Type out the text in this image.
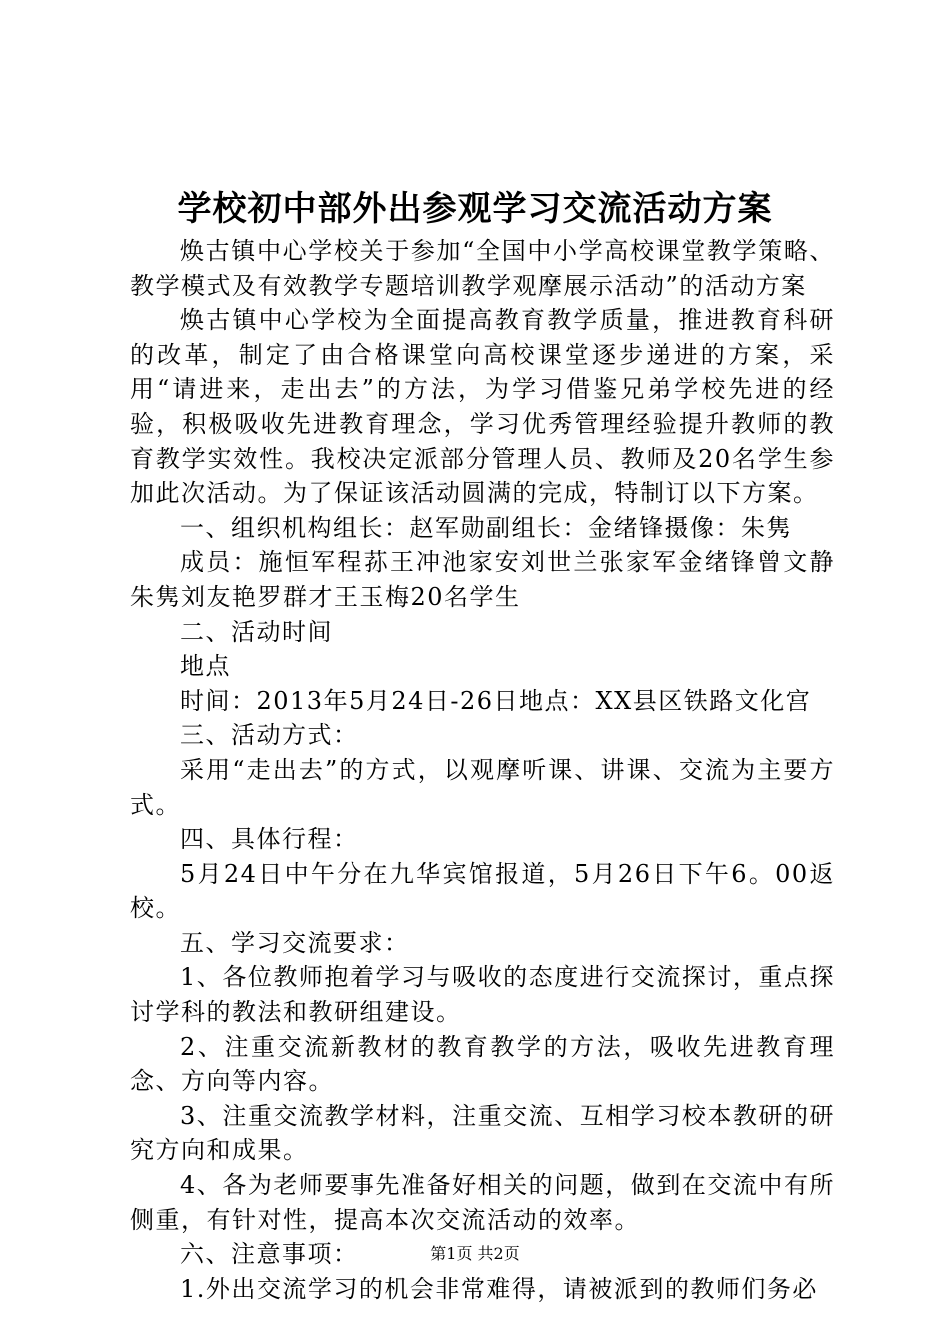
学校初中部外出参观学习交流活动方案

焕古镇中心学校关于参加“全国中小学高校课堂教学策略、教学模式及有效教学专题培训教学观摩展示活动”的活动方案

焕古镇中心学校为全面提高教育教学质量，推进教育科研的改革，制定了由合格课堂向高校课堂逐步递进的方案，采用“请进来，走出去”的方法，为学习借鉴兄弟学校先进的经验，积极吸收先进教育理念，学习优秀管理经验提升教师的教育教学实效性。我校决定派部分管理人员、教师及20名学生参加此次活动。为了保证该活动圆满的完成，特制订以下方案。

一、组织机构组长：赵军勋副组长：金绪锋摄像：朱隽

成员：施恒军程荪王冲池家安刘世兰张家军金绪锋曾文静朱隽刘友艳罗群才王玉梅20名学生

二、活动时间

地点

时间：2013年5月24日-26日地点：XX县区铁路文化宫

三、活动方式：

采用“走出去”的方式，以观摩听课、讲课、交流为主要方式。

四、具体行程：

5月24日中午分在九华宾馆报道，5月26日下午6。00返校。

五、学习交流要求：

1、各位教师抱着学习与吸收的态度进行交流探讨，重点探讨学科的教法和教研组建设。

2、注重交流新教材的教育教学的方法，吸收先进教育理念、方向等内容。

3、注重交流教学材料，注重交流、互相学习校本教研的研究方向和成果。

4、各为老师要事先准备好相关的问题，做到在交流中有所侧重，有针对性，提高本次交流活动的效率。

六、注意事项：

1.外出交流学习的机会非常难得，请被派到的教师们务必

第1页 共2页
